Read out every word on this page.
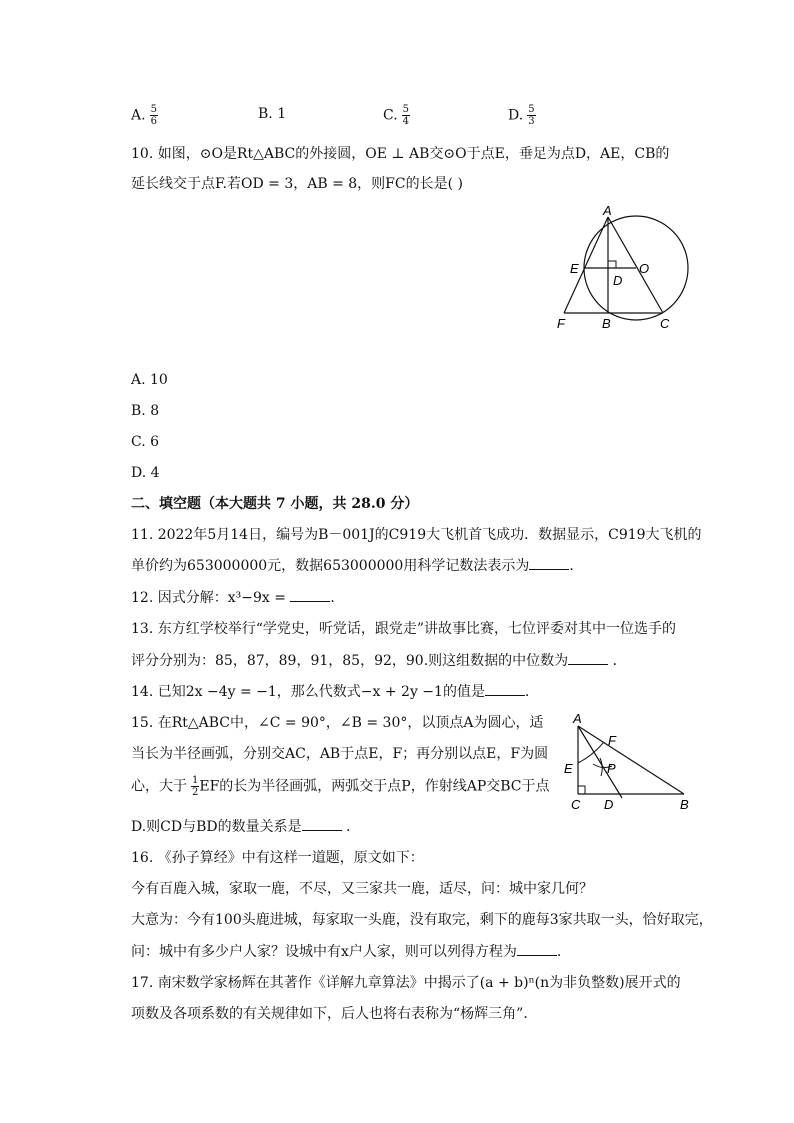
A. $\frac{5}{6}$	B. 1	C. $\frac{5}{4}$	D. $\frac{5}{3}$
10. 如图，⊙O是Rt△ABC的外接圆，OE ⊥ AB交⊙O于点E，垂足为点D，AE，CB的
延长线交于点F.若OD = 3，AB = 8，则FC的长是( )
A
E
D
O
F	B	C
A. 10
B. 8
C. 6
D. 4
二、填空题（本大题共 7 小题，共 28.0 分）
11. 2022年5月14日，编号为B－001J的C919大飞机首飞成功．数据显示，C919大飞机的
单价约为653000000元，数据653000000用科学记数法表示为	．
12. 因式分解：x³−9x =	．
13. 东方红学校举行“学党史，听党话，跟党走”讲故事比赛，七位评委对其中一位选手的
评分分别为：85，87，89，91，85，92，90.则这组数据的中位数为	．
14. 已知2x −4y = −1，那么代数式−x + 2y −1的值是	．
15. 在Rt△ABC中，∠C = 90°，∠B = 30°，以顶点A为圆心，适
当长为半径画弧，分别交AC，AB于点E，F；再分别以点E，F为圆
心，大于 $\frac{1}{2}$ EF的长为半径画弧，两弧交于点P，作射线AP交BC于点
D.则CD与BD的数量关系是	．
A
F
E	P
C D	B
16. 《孙子算经》中有这样一道题，原文如下：
今有百鹿入城，家取一鹿，不尽，又三家共一鹿，适尽，问：城中家几何？
大意为：今有100头鹿进城，每家取一头鹿，没有取完，剩下的鹿每3家共取一头，恰好取完，
问：城中有多少户人家？设城中有x户人家，则可以列得方程为	．
17. 南宋数学家杨辉在其著作《详解九章算法》中揭示了(a + b)ⁿ(n为非负整数)展开式的
项数及各项系数的有关规律如下，后人也将右表称为“杨辉三角”．
